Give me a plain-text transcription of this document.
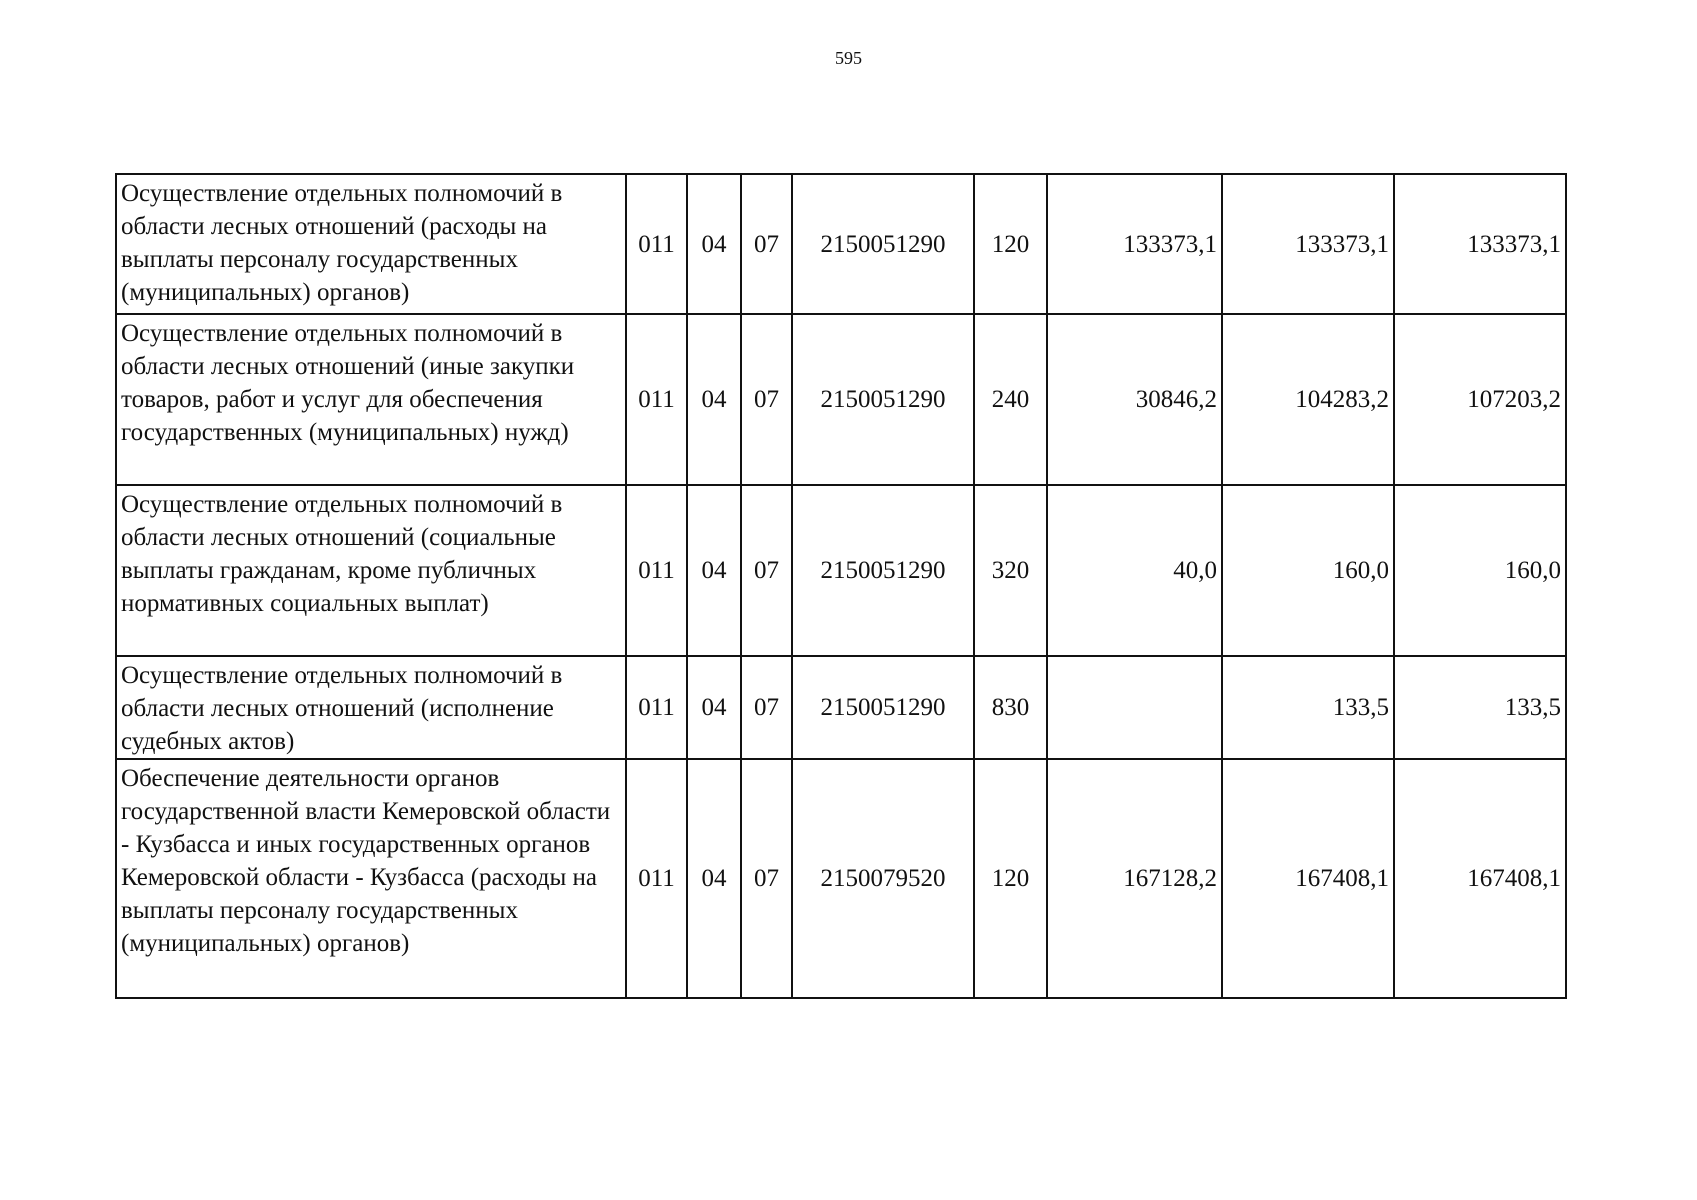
595
Осуществление отдельных полномочий в области лесных отношений (расходы на выплаты персоналу государственных (муниципальных) органов)	011	04	07	2150051290	120	133373,1	133373,1	133373,1
Осуществление отдельных полномочий в области лесных отношений (иные закупки товаров, работ и услуг для обеспечения государственных (муниципальных) нужд)	011	04	07	2150051290	240	30846,2	104283,2	107203,2
Осуществление отдельных полномочий в области лесных отношений (социальные выплаты гражданам, кроме публичных нормативных социальных выплат)	011	04	07	2150051290	320	40,0	160,0	160,0
Осуществление отдельных полномочий в области лесных отношений (исполнение судебных актов)	011	04	07	2150051290	830		133,5	133,5
Обеспечение деятельности органов государственной власти Кемеровской области - Кузбасса и иных государственных органов Кемеровской области - Кузбасса (расходы на выплаты персоналу государственных (муниципальных) органов)	011	04	07	2150079520	120	167128,2	167408,1	167408,1
